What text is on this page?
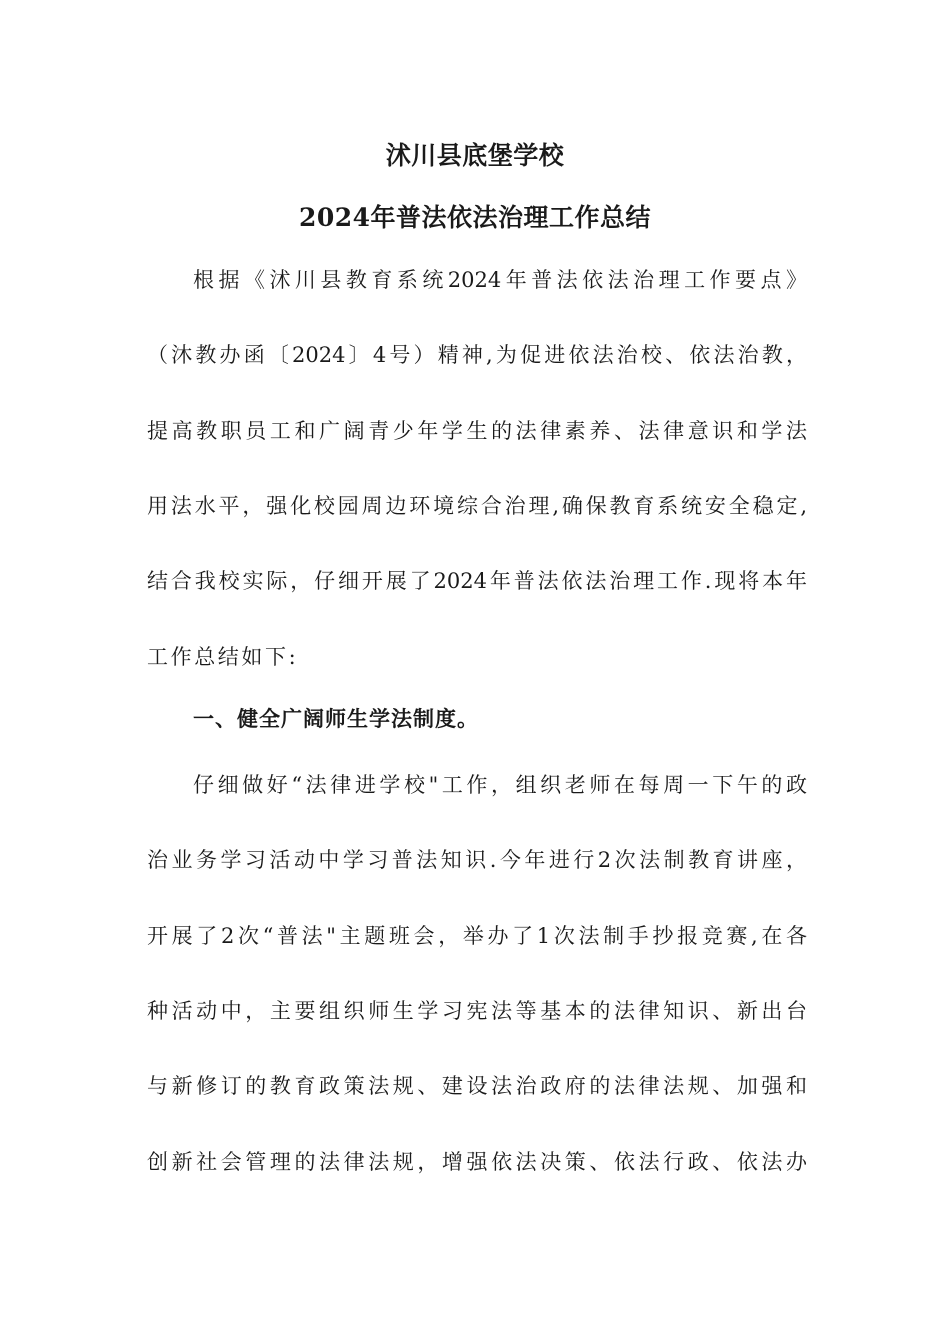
沭川县底堡学校
2024年普法依法治理工作总结
根据《沭川县教育系统2024年普法依法治理工作要点》
（沐教办函〔2024〕4号）精神,为促进依法治校、依法治教，
提高教职员工和广阔青少年学生的法律素养、法律意识和学法
用法水平，强化校园周边环境综合治理,确保教育系统安全稳定,
结合我校实际，仔细开展了2024年普法依法治理工作.现将本年
工作总结如下:
一、健全广阔师生学法制度。
仔细做好“法律进学校"工作，组织老师在每周一下午的政
治业务学习活动中学习普法知识.今年进行2次法制教育讲座，
开展了2次“普法"主题班会，举办了1次法制手抄报竞赛,在各
种活动中，主要组织师生学习宪法等基本的法律知识、新出台
与新修订的教育政策法规、建设法治政府的法律法规、加强和
创新社会管理的法律法规，增强依法决策、依法行政、依法办
